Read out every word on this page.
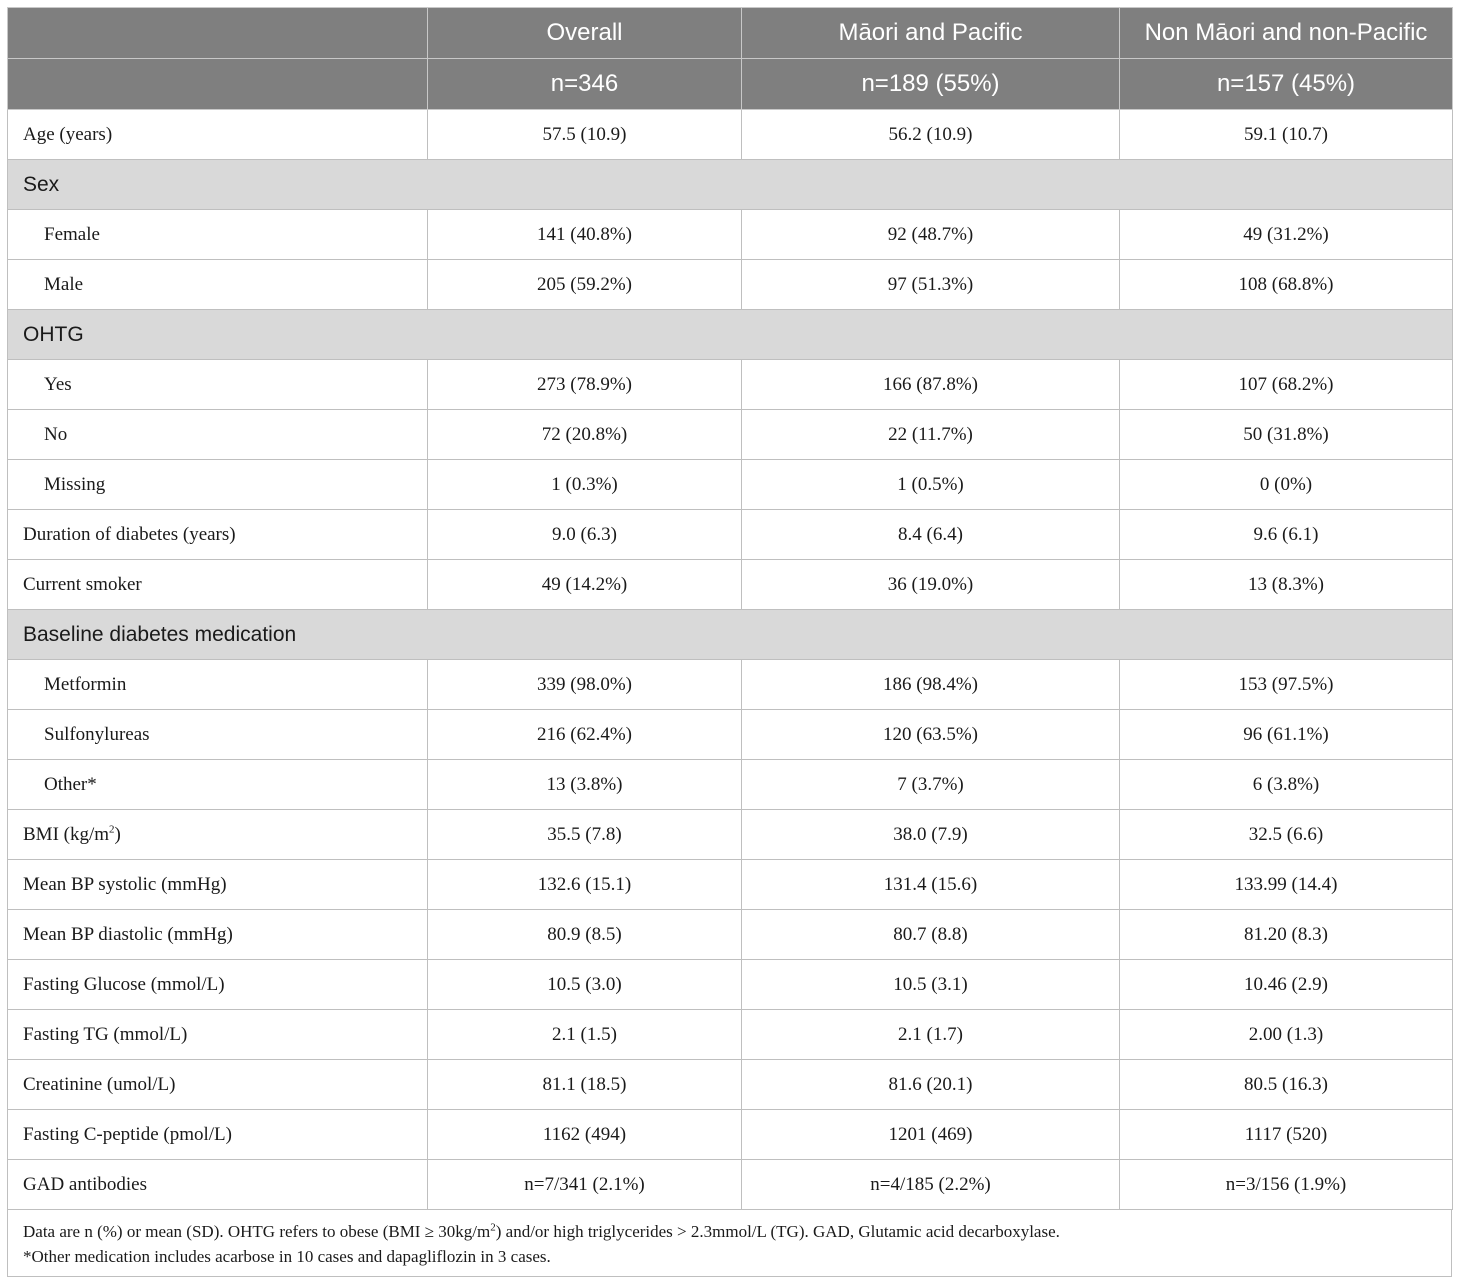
	Overall	Māori and Pacific	Non Māori and non-Pacific
	n=346	n=189 (55%)	n=157 (45%)
Age (years)	57.5 (10.9)	56.2 (10.9)	59.1 (10.7)
Sex			
Female	141 (40.8%)	92 (48.7%)	49 (31.2%)
Male	205 (59.2%)	97 (51.3%)	108 (68.8%)
OHTG			
Yes	273 (78.9%)	166 (87.8%)	107 (68.2%)
No	72 (20.8%)	22 (11.7%)	50 (31.8%)
Missing	1 (0.3%)	1 (0.5%)	0 (0%)
Duration of diabetes (years)	9.0 (6.3)	8.4 (6.4)	9.6 (6.1)
Current smoker	49 (14.2%)	36 (19.0%)	13 (8.3%)
Baseline diabetes medication			
Metformin	339 (98.0%)	186 (98.4%)	153 (97.5%)
Sulfonylureas	216 (62.4%)	120 (63.5%)	96 (61.1%)
Other*	13 (3.8%)	7 (3.7%)	6 (3.8%)
BMI $(kg/m^2)$	35.5 (7.8)	38.0 (7.9)	32.5 (6.6)
Mean BP systolic (mmHg)	132.6 (15.1)	131.4 (15.6)	133.99 (14.4)
Mean BP diastolic (mmHg)	80.9 (8.5)	80.7 (8.8)	81.20 (8.3)
Fasting Glucose (mmol/L)	10.5 (3.0)	10.5 (3.1)	10.46 (2.9)
Fasting TG (mmol/L)	2.1 (1.5)	2.1 (1.7)	2.00 (1.3)
Creatinine (umol/L)	81.1 (18.5)	81.6 (20.1)	80.5 (16.3)
Fasting C-peptide (pmol/L)	1162 (494)	1201 (469)	1117 (520)
GAD antibodies	n=7/341 (2.1%)	n=4/185 (2.2%)	n=3/156 (1.9%)
Data are n (%) or mean (SD). OHTG refers to obese $(BMI \ge 30kg/m^2)$ and/or high triglycerides > 2.3mmol/L (TG). GAD, Glutamic acid decarboxylase.
*Other medication includes acarbose in 10 cases and dapagliflozin in 3 cases.
